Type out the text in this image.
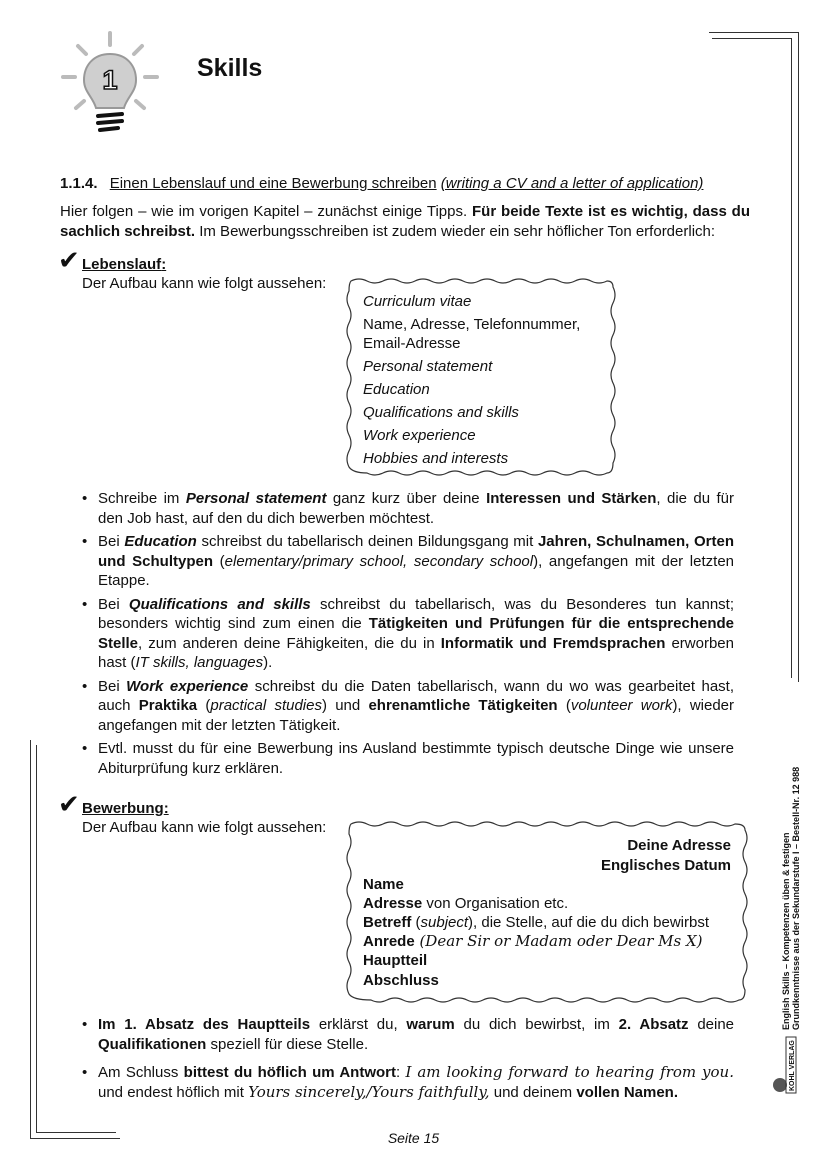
1	Skills
1.1.4. Einen Lebenslauf und eine Bewerbung schreiben (writing a CV and a letter of application)
Hier folgen – wie im vorigen Kapitel – zunächst einige Tipps. Für beide Texte ist es wichtig, dass du sachlich schreibst. Im Bewerbungsschreiben ist zudem wieder ein sehr höflicher Ton erforderlich:
✔ Lebenslauf:
Der Aufbau kann wie folgt aussehen:
Curriculum vitae
Name, Adresse, Telefonnummer,
Email-Adresse
Personal statement
Education
Qualifications and skills
Work experience
Hobbies and interests
• Schreibe im Personal statement ganz kurz über deine Interessen und Stärken, die du für den Job hast, auf den du dich bewerben möchtest.
• Bei Education schreibst du tabellarisch deinen Bildungsgang mit Jahren, Schulnamen, Orten und Schultypen (elementary/primary school, secondary school), angefangen mit der letzten Etappe.
• Bei Qualifications and skills schreibst du tabellarisch, was du Besonderes tun kannst; besonders wichtig sind zum einen die Tätigkeiten und Prüfungen für die entsprechende Stelle, zum anderen deine Fähigkeiten, die du in Informatik und Fremdsprachen erworben hast (IT skills, languages).
• Bei Work experience schreibst du die Daten tabellarisch, wann du wo was gearbeitet hast, auch Praktika (practical studies) und ehrenamtliche Tätigkeiten (volunteer work), wieder angefangen mit der letzten Tätigkeit.
• Evtl. musst du für eine Bewerbung ins Ausland bestimmte typisch deutsche Dinge wie unsere Abiturprüfung kurz erklären.
✔ Bewerbung:
Der Aufbau kann wie folgt aussehen:
Deine Adresse
Englisches Datum
Name
Adresse von Organisation etc.
Betreff (subject), die Stelle, auf die du dich bewirbst
Anrede (Dear Sir or Madam oder Dear Ms X)
Hauptteil
Abschluss
• Im 1. Absatz des Hauptteils erklärst du, warum du dich bewirbst, im 2. Absatz deine Qualifikationen speziell für diese Stelle.
• Am Schluss bittest du höflich um Antwort: I am looking forward to hearing from you. und endest höflich mit Yours sincerely,/Yours faithfully, und deinem vollen Namen.
English Skills – Kompetenzen üben & festigen Grundkenntnisse aus der Sekundarstufe I – Bestell-Nr. 12 988
KOHL VERLAG
Seite 15
